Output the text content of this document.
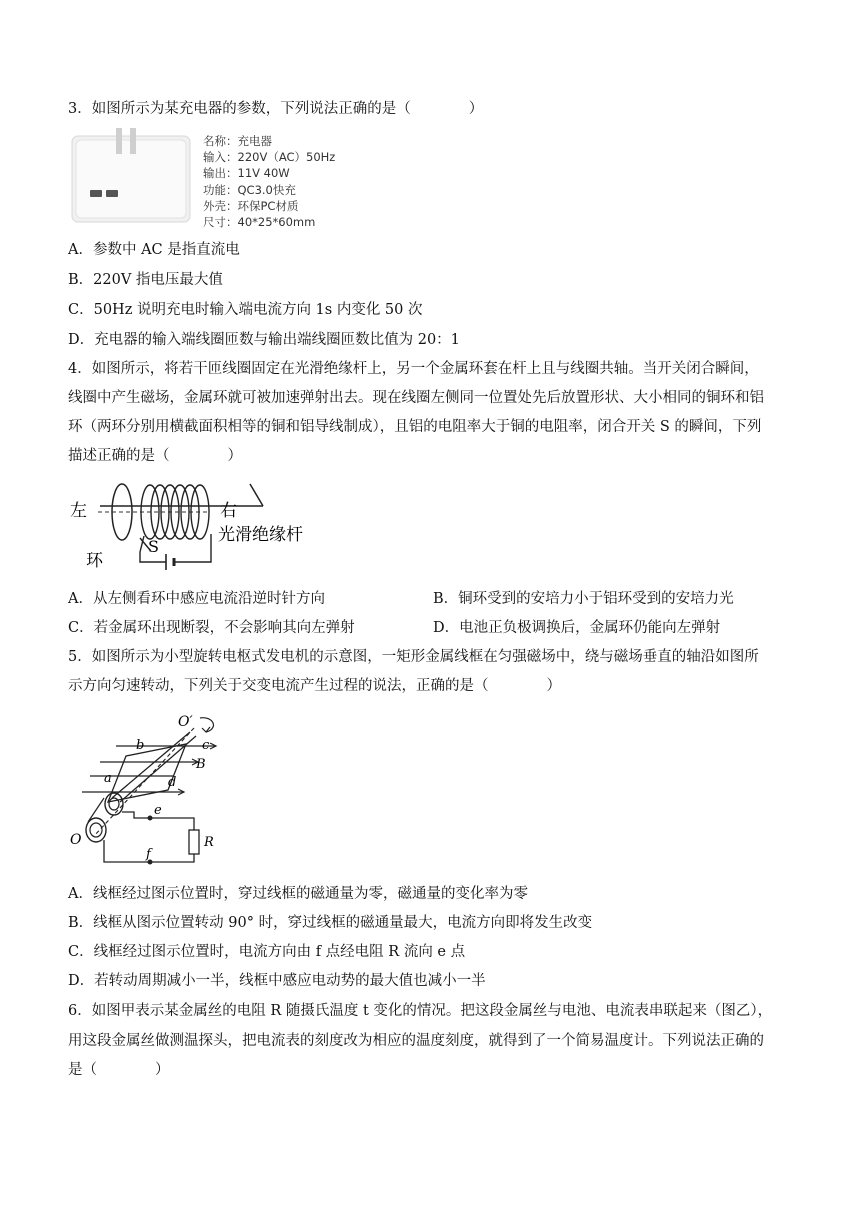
3．如图所示为某充电器的参数，下列说法正确的是（　　　　）
名称：充电器
输入：220V（AC）50Hz
输出：11V 40W
功能：QC3.0快充
外壳：环保PC材质
尺寸：40*25*60mm
A．参数中 AC 是指直流电
B．220V 指电压最大值
C．50Hz 说明充电时输入端电流方向 1s 内变化 50 次
D．充电器的输入端线圈匝数与输出端线圈匝数比值为 20：1
4．如图所示，将若干匝线圈固定在光滑绝缘杆上，另一个金属环套在杆上且与线圈共轴。当开关闭合瞬间，
线圈中产生磁场，金属环就可被加速弹射出去。现在线圈左侧同一位置处先后放置形状、大小相同的铜环和铝
环（两环分别用横截面积相等的铜和铝导线制成），且铝的电阻率大于铜的电阻率，闭合开关 S 的瞬间，下列
描述正确的是（　　　　）
左	右
光滑绝缘杆
环
S
A．从左侧看环中感应电流沿逆时针方向	B．铜环受到的安培力小于铝环受到的安培力光
C．若金属环出现断裂，不会影响其向左弹射	D．电池正负极调换后，金属环仍能向左弹射
5．如图所示为小型旋转电枢式发电机的示意图，一矩形金属线框在匀强磁场中，绕与磁场垂直的轴沿如图所
示方向匀速转动，下列关于交变电流产生过程的说法，正确的是（　　　　）
O′
O
a
b	c
d
B
e
f
R
A．线框经过图示位置时，穿过线框的磁通量为零，磁通量的变化率为零
B．线框从图示位置转动 90° 时，穿过线框的磁通量最大，电流方向即将发生改变
C．线框经过图示位置时，电流方向由 f 点经电阻 R 流向 e 点
D．若转动周期减小一半，线框中感应电动势的最大值也减小一半
6．如图甲表示某金属丝的电阻 R 随摄氏温度 t 变化的情况。把这段金属丝与电池、电流表串联起来（图乙），
用这段金属丝做测温探头，把电流表的刻度改为相应的温度刻度，就得到了一个简易温度计。下列说法正确的
是（　　　　）
